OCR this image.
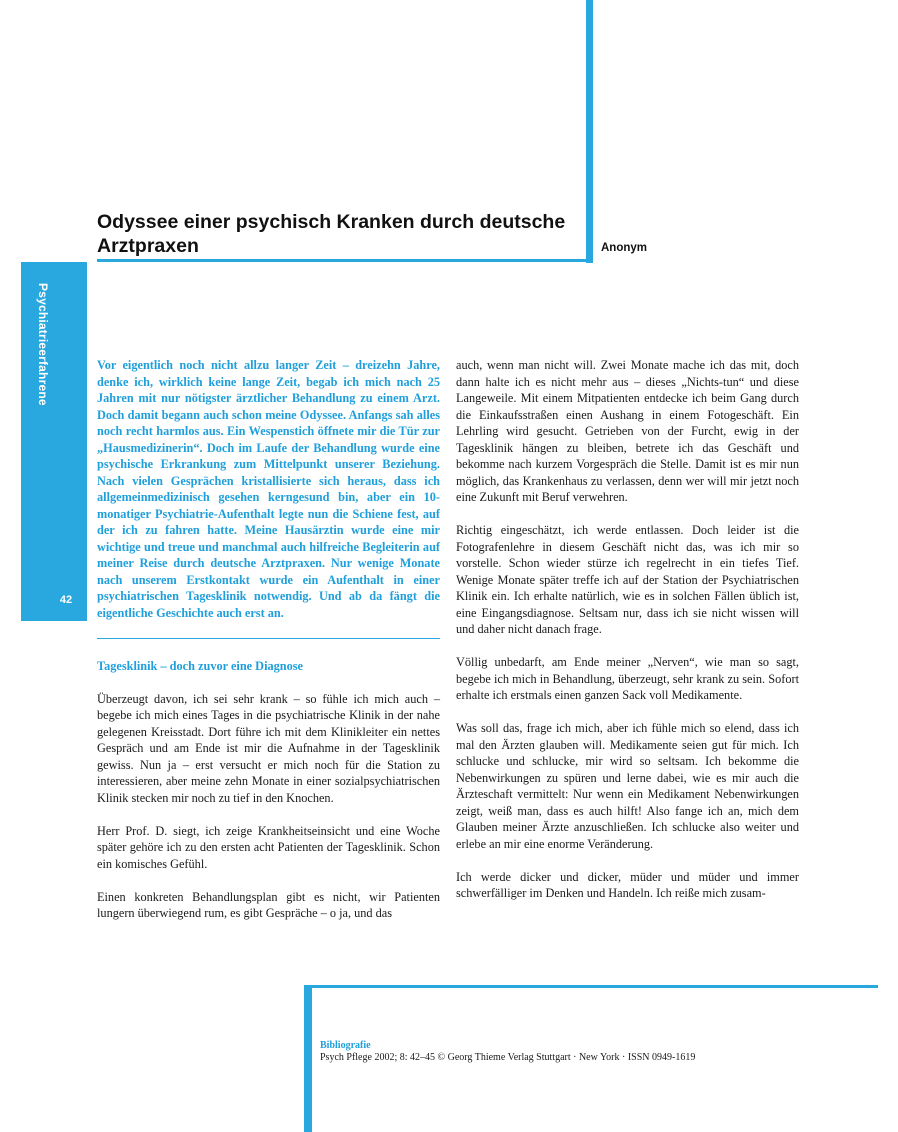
Odyssee einer psychisch Kranken durch deutsche
Arztpraxen	Anonym
Psychiatrieerfahrene
42

Vor eigentlich noch nicht allzu langer Zeit – dreizehn Jahre, denke ich, wirklich keine lange Zeit, begab ich mich nach 25 Jahren mit nur nötigster ärztlicher Behandlung zu einem Arzt. Doch damit begann auch schon meine Odyssee. Anfangs sah alles noch recht harmlos aus. Ein Wespenstich öffnete mir die Tür zur „Hausmedizinerin“. Doch im Laufe der Behandlung wurde eine psychische Erkrankung zum Mittelpunkt unserer Beziehung. Nach vielen Gesprächen kristallisierte sich heraus, dass ich allgemeinmedizinisch gesehen kerngesund bin, aber ein 10-monatiger Psychiatrie-Aufenthalt legte nun die Schiene fest, auf der ich zu fahren hatte. Meine Hausärztin wurde eine mir wichtige und treue und manchmal auch hilfreiche Begleiterin auf meiner Reise durch deutsche Arztpraxen. Nur wenige Monate nach unserem Erstkontakt wurde ein Aufenthalt in einer psychiatrischen Tagesklinik notwendig. Und ab da fängt die eigentliche Geschichte auch erst an.

Tagesklinik – doch zuvor eine Diagnose

Überzeugt davon, ich sei sehr krank – so fühle ich mich auch – begebe ich mich eines Tages in die psychiatrische Klinik in der nahe gelegenen Kreisstadt. Dort führe ich mit dem Klinikleiter ein nettes Gespräch und am Ende ist mir die Aufnahme in der Tagesklinik gewiss. Nun ja – erst versucht er mich noch für die Station zu interessieren, aber meine zehn Monate in einer sozialpsychiatrischen Klinik stecken mir noch zu tief in den Knochen.

Herr Prof. D. siegt, ich zeige Krankheitseinsicht und eine Woche später gehöre ich zu den ersten acht Patienten der Tagesklinik. Schon ein komisches Gefühl.

Einen konkreten Behandlungsplan gibt es nicht, wir Patienten lungern überwiegend rum, es gibt Gespräche – o ja, und das

auch, wenn man nicht will. Zwei Monate mache ich das mit, doch dann halte ich es nicht mehr aus – dieses „Nichts-tun“ und diese Langeweile. Mit einem Mitpatienten entdecke ich beim Gang durch die Einkaufsstraßen einen Aushang in einem Fotogeschäft. Ein Lehrling wird gesucht. Getrieben von der Furcht, ewig in der Tagesklinik hängen zu bleiben, betrete ich das Geschäft und bekomme nach kurzem Vorgespräch die Stelle. Damit ist es mir nun möglich, das Krankenhaus zu verlassen, denn wer will mir jetzt noch eine Zukunft mit Beruf verwehren.

Richtig eingeschätzt, ich werde entlassen. Doch leider ist die Fotografenlehre in diesem Geschäft nicht das, was ich mir so vorstelle. Schon wieder stürze ich regelrecht in ein tiefes Tief. Wenige Monate später treffe ich auf der Station der Psychiatrischen Klinik ein. Ich erhalte natürlich, wie es in solchen Fällen üblich ist, eine Eingangsdiagnose. Seltsam nur, dass ich sie nicht wissen will und daher nicht danach frage.

Völlig unbedarft, am Ende meiner „Nerven“, wie man so sagt, begebe ich mich in Behandlung, überzeugt, sehr krank zu sein. Sofort erhalte ich erstmals einen ganzen Sack voll Medikamente.

Was soll das, frage ich mich, aber ich fühle mich so elend, dass ich mal den Ärzten glauben will. Medikamente seien gut für mich. Ich schlucke und schlucke, mir wird so seltsam. Ich bekomme die Nebenwirkungen zu spüren und lerne dabei, wie es mir auch die Ärzteschaft vermittelt: Nur wenn ein Medikament Nebenwirkungen zeigt, weiß man, dass es auch hilft! Also fange ich an, mich dem Glauben meiner Ärzte anzuschließen. Ich schlucke also weiter und erlebe an mir eine enorme Veränderung.

Ich werde dicker und dicker, müder und müder und immer schwerfälliger im Denken und Handeln. Ich reiße mich zusam-

Bibliografie
Psych Pflege 2002; 8: 42–45 © Georg Thieme Verlag Stuttgart · New York · ISSN 0949-1619
